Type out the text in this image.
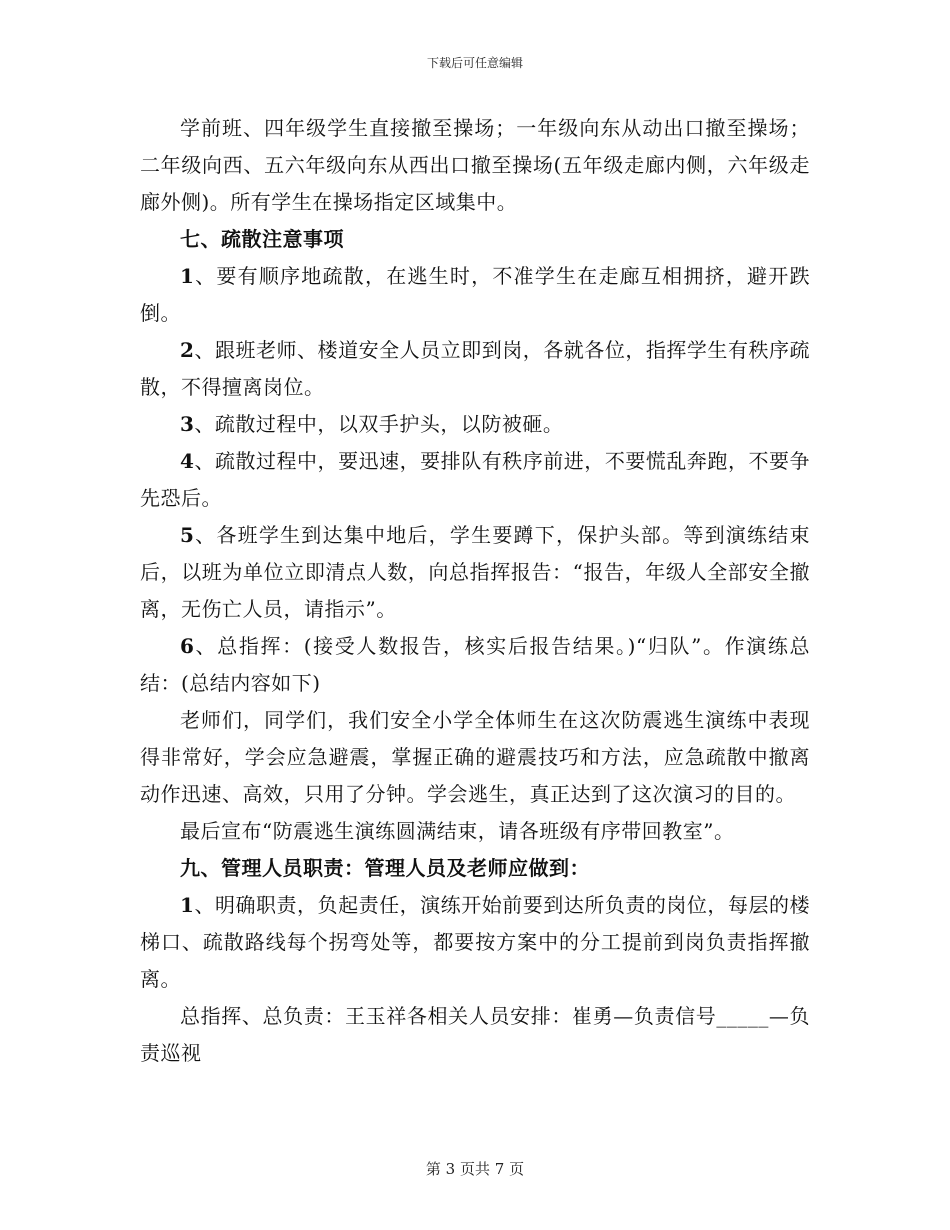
下载后可任意编辑

学前班、四年级学生直接撤至操场；一年级向东从动出口撤至操场；二年级向西、五六年级向东从西出口撤至操场(五年级走廊内侧，六年级走廊外侧)。所有学生在操场指定区域集中。

七、疏散注意事项

1、要有顺序地疏散，在逃生时，不准学生在走廊互相拥挤，避开跌倒。

2、跟班老师、楼道安全人员立即到岗，各就各位，指挥学生有秩序疏散，不得擅离岗位。

3、疏散过程中，以双手护头，以防被砸。

4、疏散过程中，要迅速，要排队有秩序前进，不要慌乱奔跑，不要争先恐后。

5、各班学生到达集中地后，学生要蹲下，保护头部。等到演练结束后，以班为单位立即清点人数，向总指挥报告：“报告，年级人全部安全撤离，无伤亡人员，请指示”。

6、总指挥：(接受人数报告，核实后报告结果。)“归队”。作演练总结：(总结内容如下)

老师们，同学们，我们安全小学全体师生在这次防震逃生演练中表现得非常好，学会应急避震，掌握正确的避震技巧和方法，应急疏散中撤离动作迅速、高效，只用了分钟。学会逃生，真正达到了这次演习的目的。

最后宣布“防震逃生演练圆满结束，请各班级有序带回教室”。

九、管理人员职责：管理人员及老师应做到：

1、明确职责，负起责任，演练开始前要到达所负责的岗位，每层的楼梯口、疏散路线每个拐弯处等，都要按方案中的分工提前到岗负责指挥撤离。

总指挥、总负责：王玉祥各相关人员安排：崔勇—负责信号_____—负责巡视

第 3 页共 7 页
